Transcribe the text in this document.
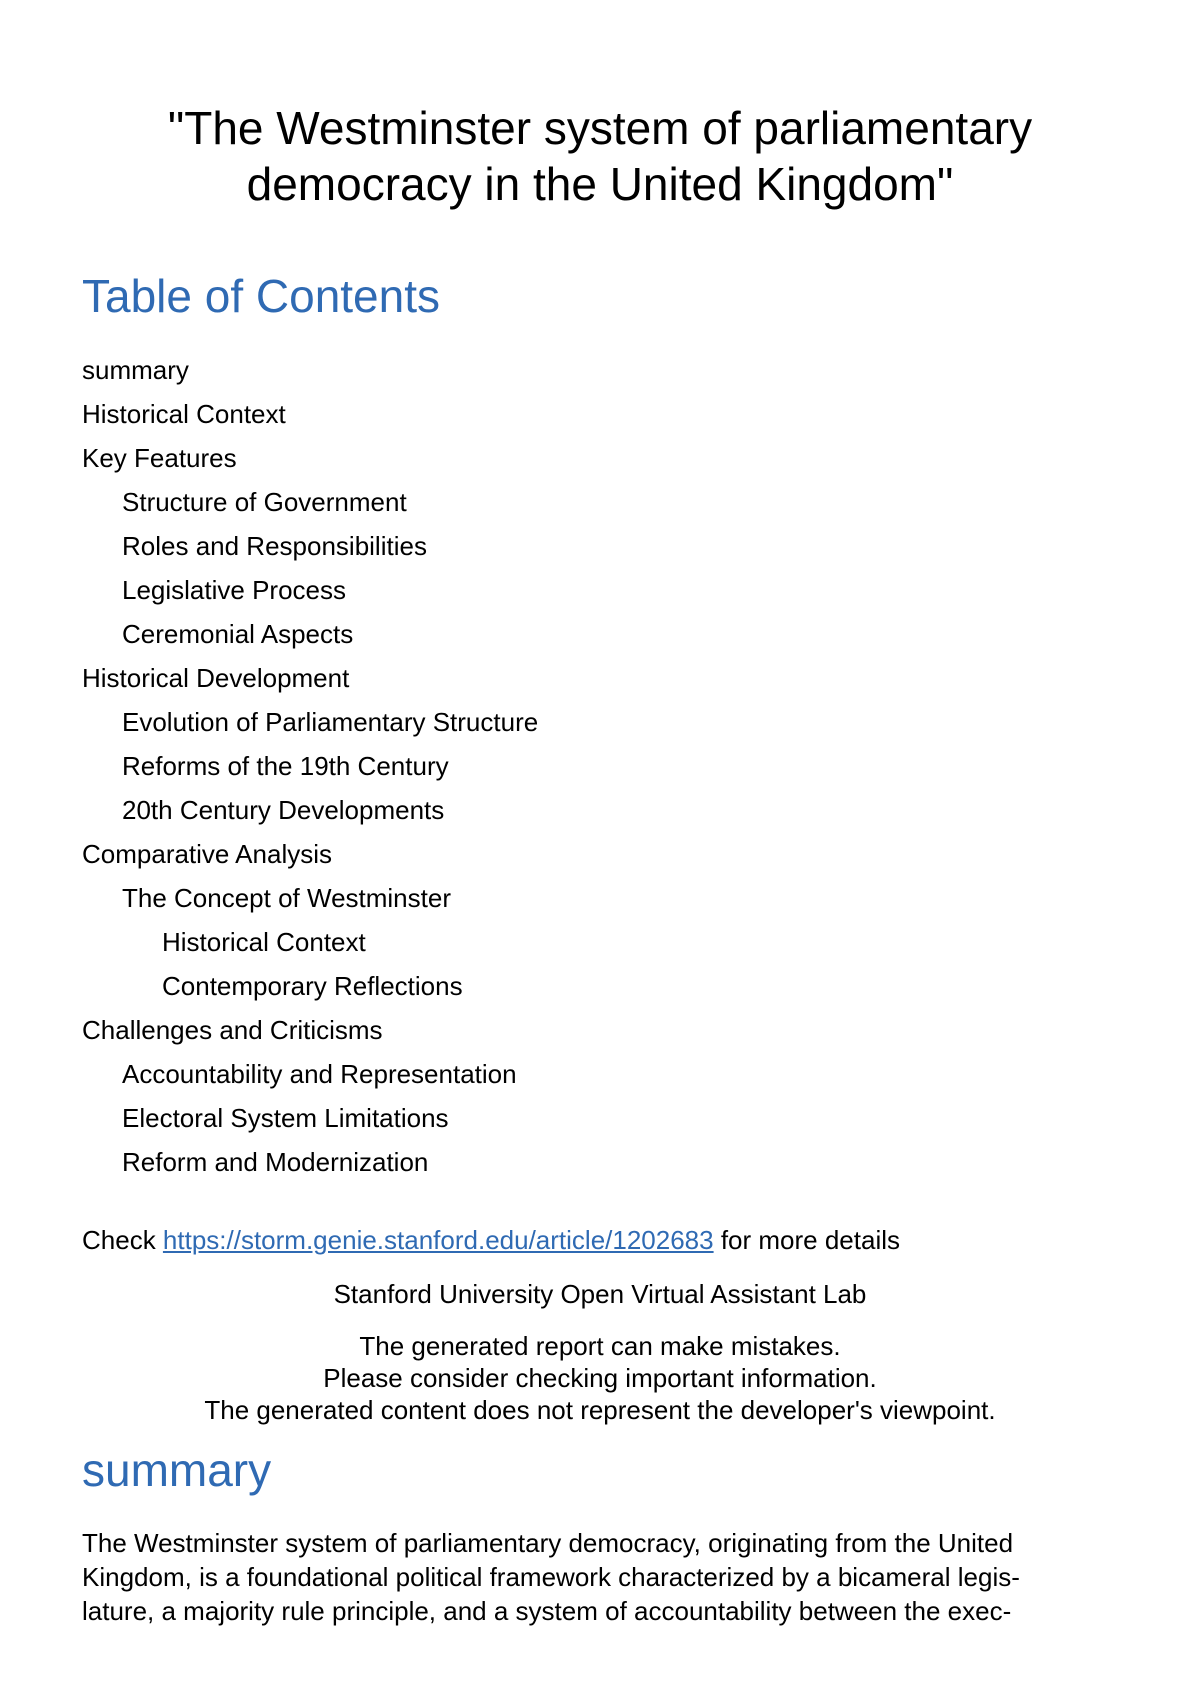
"The Westminster system of parliamentary
democracy in the United Kingdom"
Table of Contents
summary
Historical Context
Key Features
Structure of Government
Roles and Responsibilities
Legislative Process
Ceremonial Aspects
Historical Development
Evolution of Parliamentary Structure
Reforms of the 19th Century
20th Century Developments
Comparative Analysis
The Concept of Westminster
Historical Context
Contemporary Reflections
Challenges and Criticisms
Accountability and Representation
Electoral System Limitations
Reform and Modernization

Check https://storm.genie.stanford.edu/article/1202683 for more details

Stanford University Open Virtual Assistant Lab

The generated report can make mistakes.
Please consider checking important information.
The generated content does not represent the developer's viewpoint.

summary

The Westminster system of parliamentary democracy, originating from the United
Kingdom, is a foundational political framework characterized by a bicameral legis-
lature, a majority rule principle, and a system of accountability between the exec-
